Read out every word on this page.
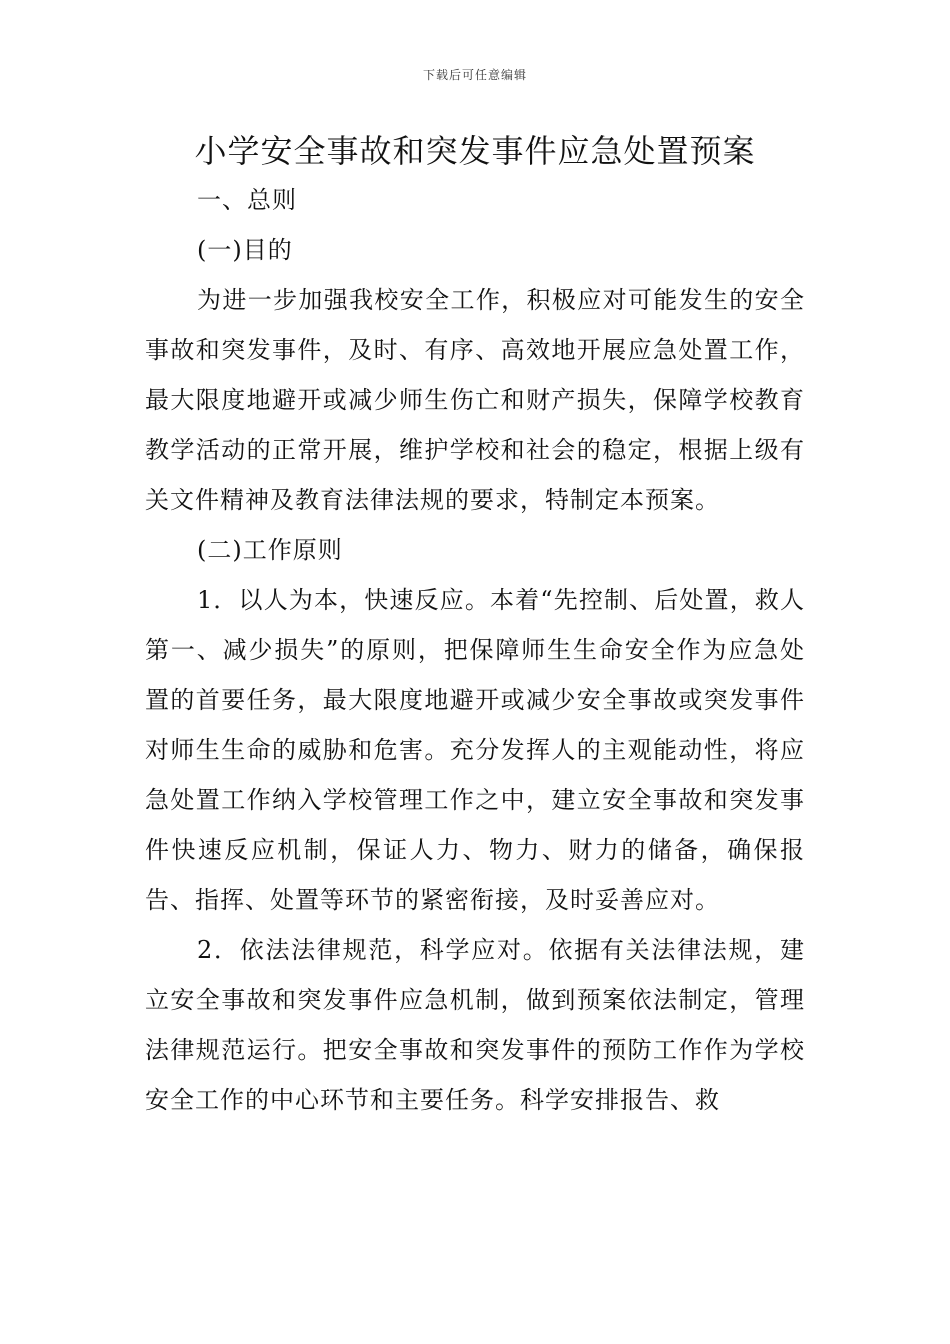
下载后可任意编辑
小学安全事故和突发事件应急处置预案

一、总则

(一)目的

为进一步加强我校安全工作，积极应对可能发生的安全事故和突发事件，及时、有序、高效地开展应急处置工作，最大限度地避开或减少师生伤亡和财产损失，保障学校教育教学活动的正常开展，维护学校和社会的稳定，根据上级有关文件精神及教育法律法规的要求，特制定本预案。

(二)工作原则

1．以人为本，快速反应。本着“先控制、后处置，救人第一、减少损失”的原则，把保障师生生命安全作为应急处置的首要任务，最大限度地避开或减少安全事故或突发事件对师生生命的威胁和危害。充分发挥人的主观能动性，将应急处置工作纳入学校管理工作之中，建立安全事故和突发事件快速反应机制，保证人力、物力、财力的储备，确保报告、指挥、处置等环节的紧密衔接，及时妥善应对。

2．依法法律规范，科学应对。依据有关法律法规，建立安全事故和突发事件应急机制，做到预案依法制定，管理法律规范运行。把安全事故和突发事件的预防工作作为学校安全工作的中心环节和主要任务。科学安排报告、救
